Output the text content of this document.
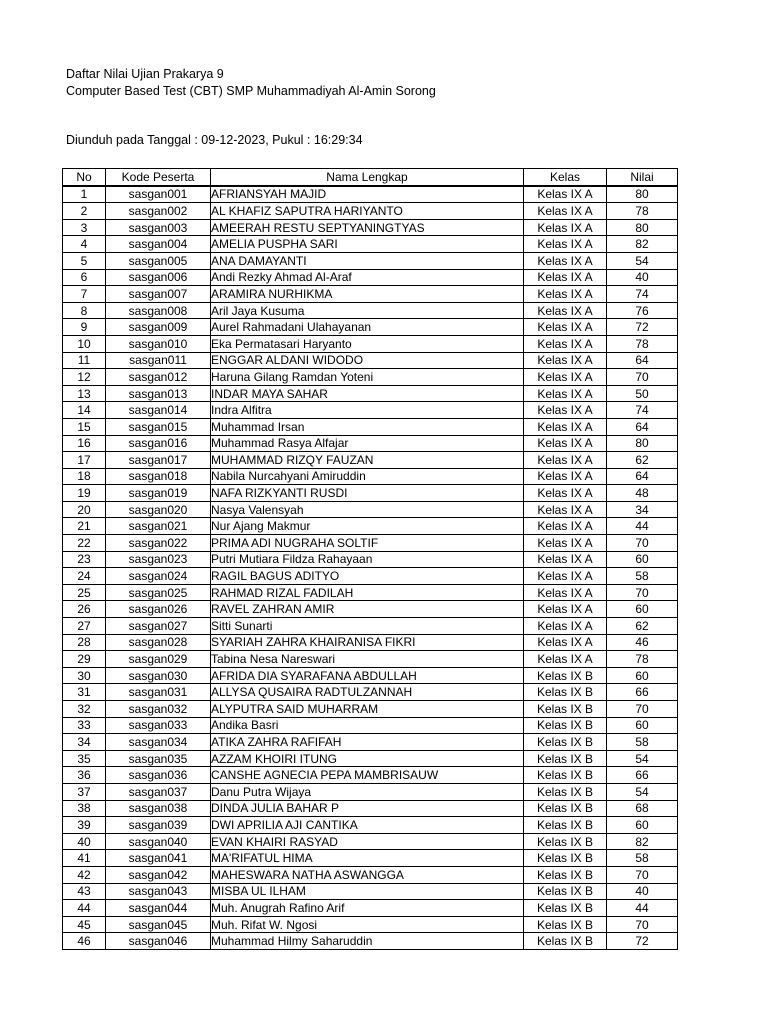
Daftar Nilai Ujian Prakarya 9
Computer Based Test (CBT) SMP Muhammadiyah Al-Amin Sorong
Diunduh pada Tanggal : 09-12-2023, Pukul : 16:29:34
No	Kode Peserta	Nama Lengkap	Kelas	Nilai
1	sasgan001	AFRIANSYAH MAJID	Kelas IX A	80
2	sasgan002	AL KHAFIZ SAPUTRA HARIYANTO	Kelas IX A	78
3	sasgan003	AMEERAH RESTU SEPTYANINGTYAS	Kelas IX A	80
4	sasgan004	AMELIA PUSPHA SARI	Kelas IX A	82
5	sasgan005	ANA DAMAYANTI	Kelas IX A	54
6	sasgan006	Andi Rezky Ahmad Al-Araf	Kelas IX A	40
7	sasgan007	ARAMIRA NURHIKMA	Kelas IX A	74
8	sasgan008	Aril Jaya Kusuma	Kelas IX A	76
9	sasgan009	Aurel Rahmadani Ulahayanan	Kelas IX A	72
10	sasgan010	Eka Permatasari Haryanto	Kelas IX A	78
11	sasgan011	ENGGAR ALDANI WIDODO	Kelas IX A	64
12	sasgan012	Haruna Gilang Ramdan Yoteni	Kelas IX A	70
13	sasgan013	INDAR MAYA SAHAR	Kelas IX A	50
14	sasgan014	Indra Alfitra	Kelas IX A	74
15	sasgan015	Muhammad Irsan	Kelas IX A	64
16	sasgan016	Muhammad Rasya Alfajar	Kelas IX A	80
17	sasgan017	MUHAMMAD RIZQY FAUZAN	Kelas IX A	62
18	sasgan018	Nabila Nurcahyani Amiruddin	Kelas IX A	64
19	sasgan019	NAFA RIZKYANTI RUSDI	Kelas IX A	48
20	sasgan020	Nasya Valensyah	Kelas IX A	34
21	sasgan021	Nur Ajang Makmur	Kelas IX A	44
22	sasgan022	PRIMA ADI NUGRAHA SOLTIF	Kelas IX A	70
23	sasgan023	Putri Mutiara Fildza Rahayaan	Kelas IX A	60
24	sasgan024	RAGIL BAGUS ADITYO	Kelas IX A	58
25	sasgan025	RAHMAD RIZAL FADILAH	Kelas IX A	70
26	sasgan026	RAVEL ZAHRAN AMIR	Kelas IX A	60
27	sasgan027	Sitti Sunarti	Kelas IX A	62
28	sasgan028	SYARIAH ZAHRA KHAIRANISA FIKRI	Kelas IX A	46
29	sasgan029	Tabina Nesa Nareswari	Kelas IX A	78
30	sasgan030	AFRIDA DIA SYARAFANA ABDULLAH	Kelas IX B	60
31	sasgan031	ALLYSA QUSAIRA RADTULZANNAH	Kelas IX B	66
32	sasgan032	ALYPUTRA SAID MUHARRAM	Kelas IX B	70
33	sasgan033	Andika Basri	Kelas IX B	60
34	sasgan034	ATIKA ZAHRA RAFIFAH	Kelas IX B	58
35	sasgan035	AZZAM KHOIRI ITUNG	Kelas IX B	54
36	sasgan036	CANSHE AGNECIA PEPA MAMBRISAUW	Kelas IX B	66
37	sasgan037	Danu Putra Wijaya	Kelas IX B	54
38	sasgan038	DINDA JULIA BAHAR P	Kelas IX B	68
39	sasgan039	DWI APRILIA AJI CANTIKA	Kelas IX B	60
40	sasgan040	EVAN KHAIRI RASYAD	Kelas IX B	82
41	sasgan041	MA'RIFATUL HIMA	Kelas IX B	58
42	sasgan042	MAHESWARA NATHA ASWANGGA	Kelas IX B	70
43	sasgan043	MISBA UL ILHAM	Kelas IX B	40
44	sasgan044	Muh. Anugrah Rafino Arif	Kelas IX B	44
45	sasgan045	Muh. Rifat W. Ngosi	Kelas IX B	70
46	sasgan046	Muhammad Hilmy Saharuddin	Kelas IX B	72
